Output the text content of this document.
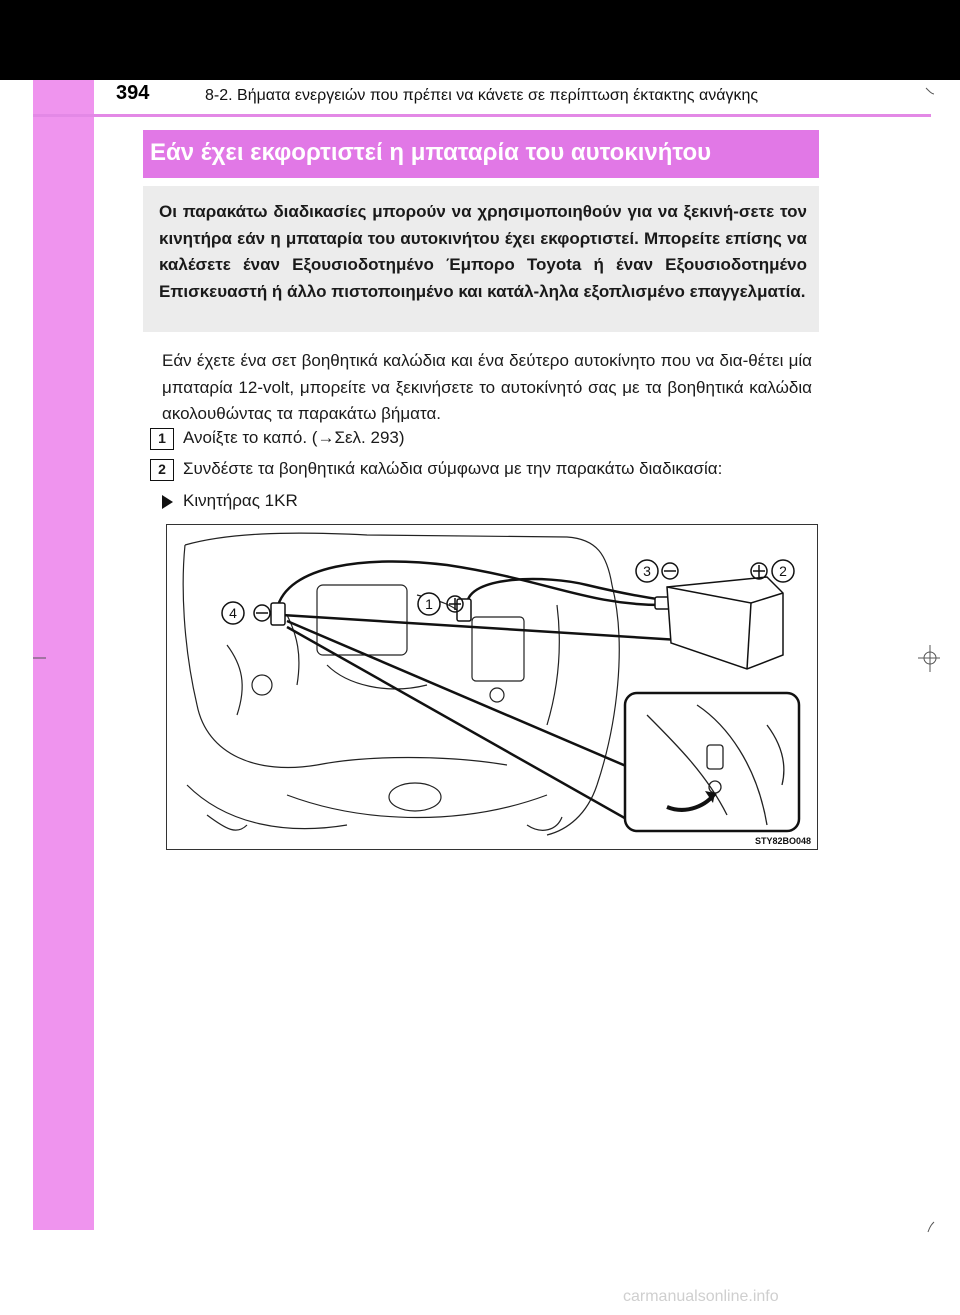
394	8-2. Βήματα ενεργειών που πρέπει να κάνετε σε περίπτωση έκτακτης ανάγκης
Εάν έχει εκφορτιστεί η μπαταρία του αυτοκινήτου
Οι παρακάτω διαδικασίες μπορούν να χρησιμοποιηθούν για να ξεκινή-σετε τον κινητήρα εάν η μπαταρία του αυτοκινήτου έχει εκφορτιστεί. Μπορείτε επίσης να καλέσετε έναν Εξουσιοδοτημένο Έμπορο Toyota ή έναν Εξουσιοδοτημένο Επισκευαστή ή άλλο πιστοποιημένο και κατάλ-ληλα εξοπλισμένο επαγγελματία.
Εάν έχετε ένα σετ βοηθητικά καλώδια και ένα δεύτερο αυτοκίνητο που να δια-θέτει μία μπαταρία 12-volt, μπορείτε να ξεκινήσετε το αυτοκίνητό σας με τα βοηθητικά καλώδια ακολουθώντας τα παρακάτω βήματα.
1	Ανοίξτε το καπό. (→Σελ. 293)
2	Συνδέστε τα βοηθητικά καλώδια σύμφωνα με την παρακάτω διαδικασία:
Κινητήρας 1KR
1
2
3
4
STY82BO048
carmanualsonline.info
